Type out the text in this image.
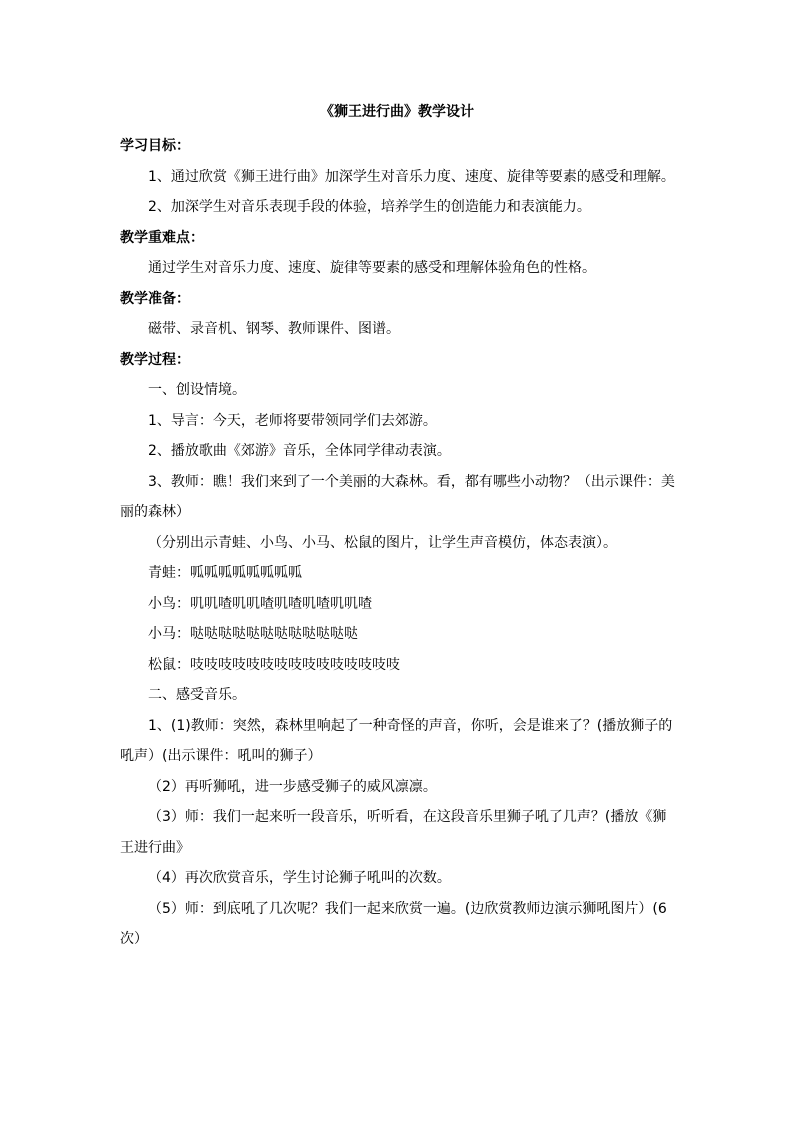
《狮王进行曲》教学设计

学习目标：

1、通过欣赏《狮王进行曲》加深学生对音乐力度、速度、旋律等要素的感受和理解。

2、加深学生对音乐表现手段的体验，培养学生的创造能力和表演能力。

教学重难点：

通过学生对音乐力度、速度、旋律等要素的感受和理解体验角色的性格。

教学准备：

磁带、录音机、钢琴、教师课件、图谱。

教学过程：

一、创设情境。

1、导言：今天，老师将要带领同学们去郊游。

2、播放歌曲《郊游》音乐，全体同学律动表演。

3、教师：瞧！我们来到了一个美丽的大森林。看，都有哪些小动物？（出示课件：美丽的森林）

（分别出示青蛙、小鸟、小马、松鼠的图片，让学生声音模仿，体态表演）。

青蛙：呱呱呱呱呱呱呱呱

小鸟：叽叽喳叽叽喳叽喳叽喳叽叽喳

小马：哒哒哒哒哒哒哒哒哒哒哒哒

松鼠：吱吱吱吱吱吱吱吱吱吱吱吱吱吱吱

二、感受音乐。

1、(1)教师：突然，森林里响起了一种奇怪的声音，你听，会是谁来了？(播放狮子的吼声）(出示课件：吼叫的狮子）

（2）再听狮吼，进一步感受狮子的威风凛凛。

（3）师：我们一起来听一段音乐，听听看，在这段音乐里狮子吼了几声？(播放《狮王进行曲》

（4）再次欣赏音乐，学生讨论狮子吼叫的次数。

（5）师：到底吼了几次呢？我们一起来欣赏一遍。(边欣赏教师边演示狮吼图片）(6次）
